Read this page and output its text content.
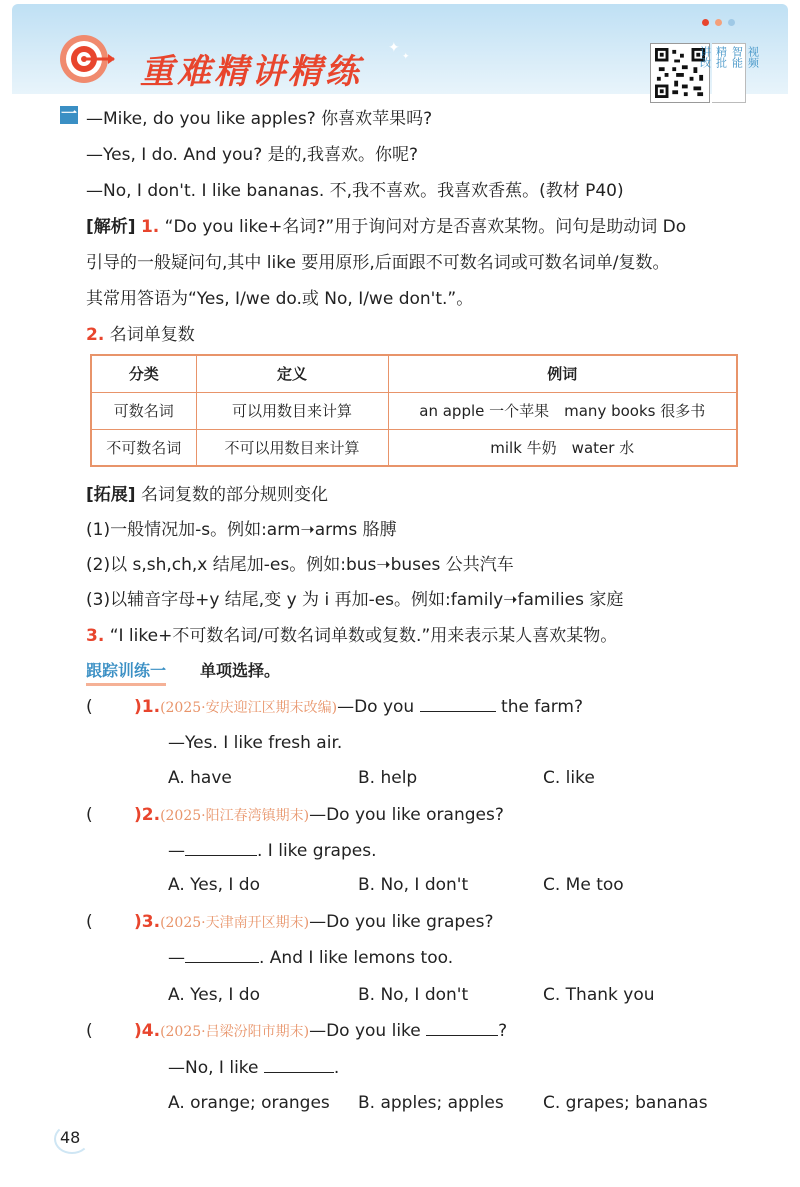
重难精讲精练
✦
✦	视频
智能
精批
讲改
一 —Mike, do you like apples? 你喜欢苹果吗?
—Yes, I do. And you? 是的,我喜欢。你呢?
—No, I don't. I like bananas. 不,我不喜欢。我喜欢香蕉。(教材 P40)
[解析] 1. “Do you like+名词?”用于询问对方是否喜欢某物。问句是助动词 Do
引导的一般疑问句,其中 like 要用原形,后面跟不可数名词或可数名词单/复数。
其常用答语为“Yes, I/we do.或 No, I/we don't.”。
2. 名词单复数
分类	定义	例词
可数名词	可以用数目来计算	an apple 一个苹果　many books 很多书
不可数名词	不可以用数目来计算	milk 牛奶　water 水
[拓展] 名词复数的部分规则变化
(1)一般情况加-s。例如:arm➝arms 胳膊
(2)以 s,sh,ch,x 结尾加-es。例如:bus➝buses 公共汽车
(3)以辅音字母+y 结尾,变 y 为 i 再加-es。例如:family➝families 家庭
3. “I like+不可数名词/可数名词单数或复数.”用来表示某人喜欢某物。
跟踪训练一 单项选择。
( )1.(2025·安庆迎江区期末改编)—Do you	the farm?
—Yes. I like fresh air.
A. have	B. help	C. like
( )2.(2025·阳江春湾镇期末)—Do you like oranges?
—	. I like grapes.
A. Yes, I do	B. No, I don't	C. Me too
( )3.(2025·天津南开区期末)—Do you like grapes?
—	. And I like lemons too.
A. Yes, I do	B. No, I don't	C. Thank you
( )4.(2025·吕梁汾阳市期末)—Do you like	?
—No, I like	.
A. orange; oranges B. apples; apples C. grapes; bananas
48
